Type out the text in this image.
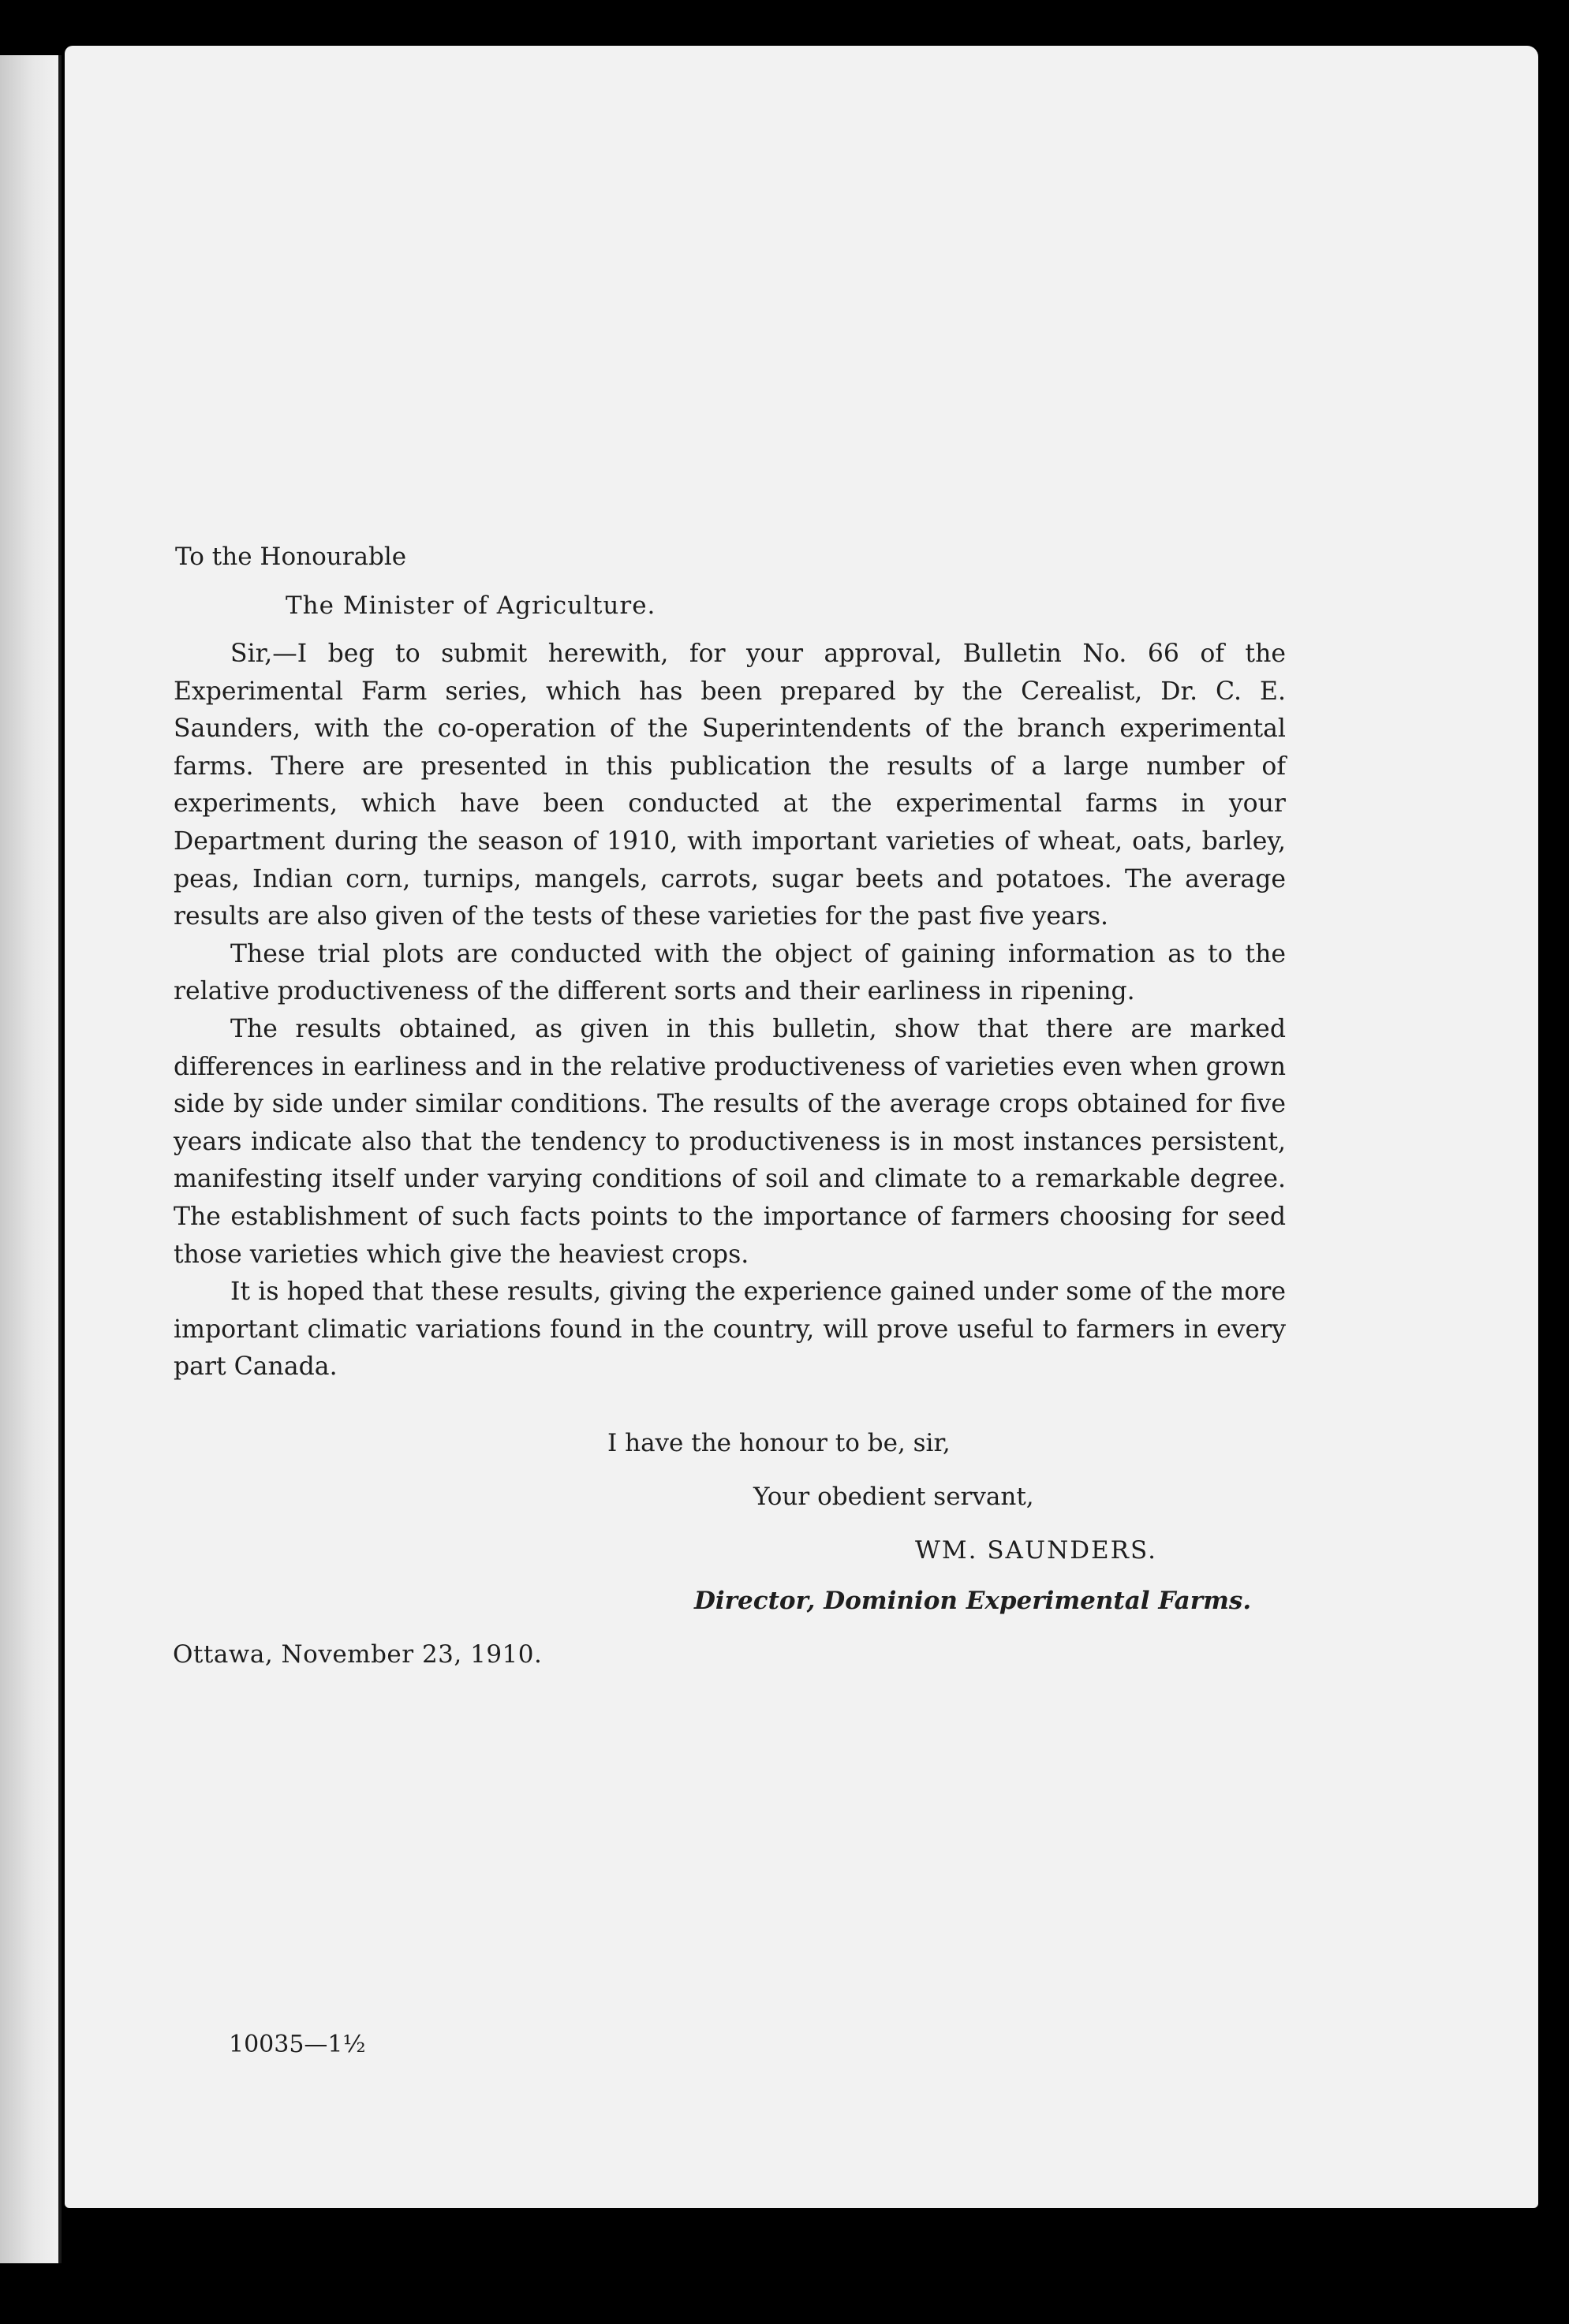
To the Honourable
The Minister of Agriculture.

Sir,—I beg to submit herewith, for your approval, Bulletin No. 66 of the Experimental Farm series, which has been prepared by the Cerealist, Dr. C. E. Saunders, with the co-operation of the Superintendents of the branch experimental farms. There are presented in this publication the results of a large number of experiments, which have been conducted at the experimental farms in your Department during the season of 1910, with important varieties of wheat, oats, barley, peas, Indian corn, turnips, mangels, carrots, sugar beets and potatoes. The average results are also given of the tests of these varieties for the past five years.

These trial plots are conducted with the object of gaining information as to the relative productiveness of the different sorts and their earliness in ripening.

The results obtained, as given in this bulletin, show that there are marked differences in earliness and in the relative productiveness of varieties even when grown side by side under similar conditions. The results of the average crops obtained for five years indicate also that the tendency to productiveness is in most instances persistent, manifesting itself under varying conditions of soil and climate to a remarkable degree. The establishment of such facts points to the importance of farmers choosing for seed those varieties which give the heaviest crops.

It is hoped that these results, giving the experience gained under some of the more important climatic variations found in the country, will prove useful to farmers in every part Canada.

I have the honour to be, sir,
Your obedient servant,
WM. SAUNDERS.
Director, Dominion Experimental Farms.
Ottawa, November 23, 1910.
10035—1½
